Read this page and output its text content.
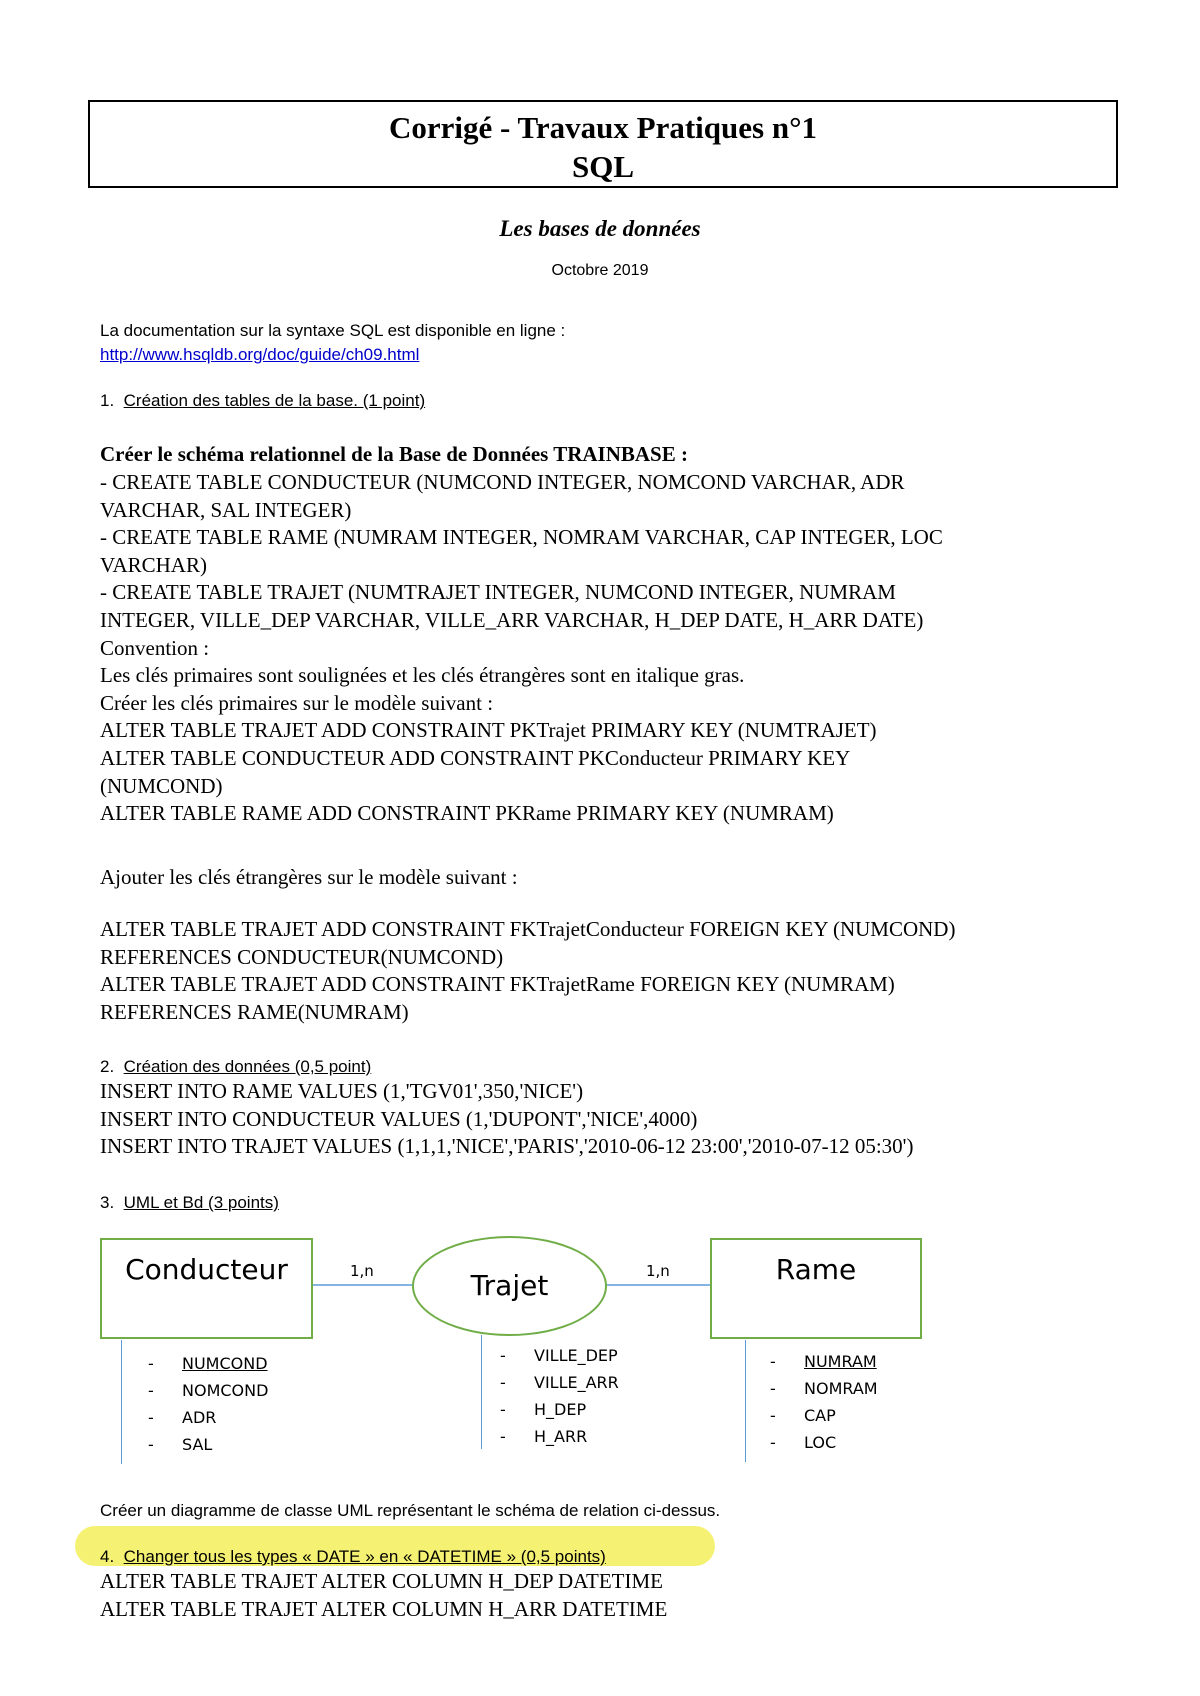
Corrigé - Travaux Pratiques n°1
SQL
Les bases de données
Octobre 2019
La documentation sur la syntaxe SQL est disponible en ligne :
http://www.hsqldb.org/doc/guide/ch09.html
1. Création des tables de la base. (1 point)
Créer le schéma relationnel de la Base de Données TRAINBASE :
- CREATE TABLE CONDUCTEUR (NUMCOND INTEGER, NOMCOND VARCHAR, ADR
VARCHAR, SAL INTEGER)
- CREATE TABLE RAME (NUMRAM INTEGER, NOMRAM VARCHAR, CAP INTEGER, LOC
VARCHAR)
- CREATE TABLE TRAJET (NUMTRAJET INTEGER, NUMCOND INTEGER, NUMRAM
INTEGER, VILLE_DEP VARCHAR, VILLE_ARR VARCHAR, H_DEP DATE, H_ARR DATE)
Convention :
Les clés primaires sont soulignées et les clés étrangères sont en italique gras.
Créer les clés primaires sur le modèle suivant :
ALTER TABLE TRAJET ADD CONSTRAINT PKTrajet PRIMARY KEY (NUMTRAJET)
ALTER TABLE CONDUCTEUR ADD CONSTRAINT PKConducteur PRIMARY KEY
(NUMCOND)
ALTER TABLE RAME ADD CONSTRAINT PKRame PRIMARY KEY (NUMRAM)
Ajouter les clés étrangères sur le modèle suivant :
ALTER TABLE TRAJET ADD CONSTRAINT FKTrajetConducteur FOREIGN KEY (NUMCOND)
REFERENCES CONDUCTEUR(NUMCOND)
ALTER TABLE TRAJET ADD CONSTRAINT FKTrajetRame FOREIGN KEY (NUMRAM)
REFERENCES RAME(NUMRAM)
2. Création des données (0,5 point)
INSERT INTO RAME VALUES (1,'TGV01',350,'NICE')
INSERT INTO CONDUCTEUR VALUES (1,'DUPONT','NICE',4000)
INSERT INTO TRAJET VALUES (1,1,1,'NICE','PARIS','2010-06-12 23:00','2010-07-12 05:30')
3. UML et Bd (3 points)
Conducteur	Trajet	Rame
1,n	1,n
- NUMCOND
- NOMCOND
- ADR
- SAL
- VILLE_DEP
- VILLE_ARR
- H_DEP
- H_ARR
- NUMRAM
- NOMRAM
- CAP
- LOC
Créer un diagramme de classe UML représentant le schéma de relation ci-dessus.
4. Changer tous les types « DATE » en « DATETIME » (0,5 points)
ALTER TABLE TRAJET ALTER COLUMN H_DEP DATETIME
ALTER TABLE TRAJET ALTER COLUMN H_ARR DATETIME
